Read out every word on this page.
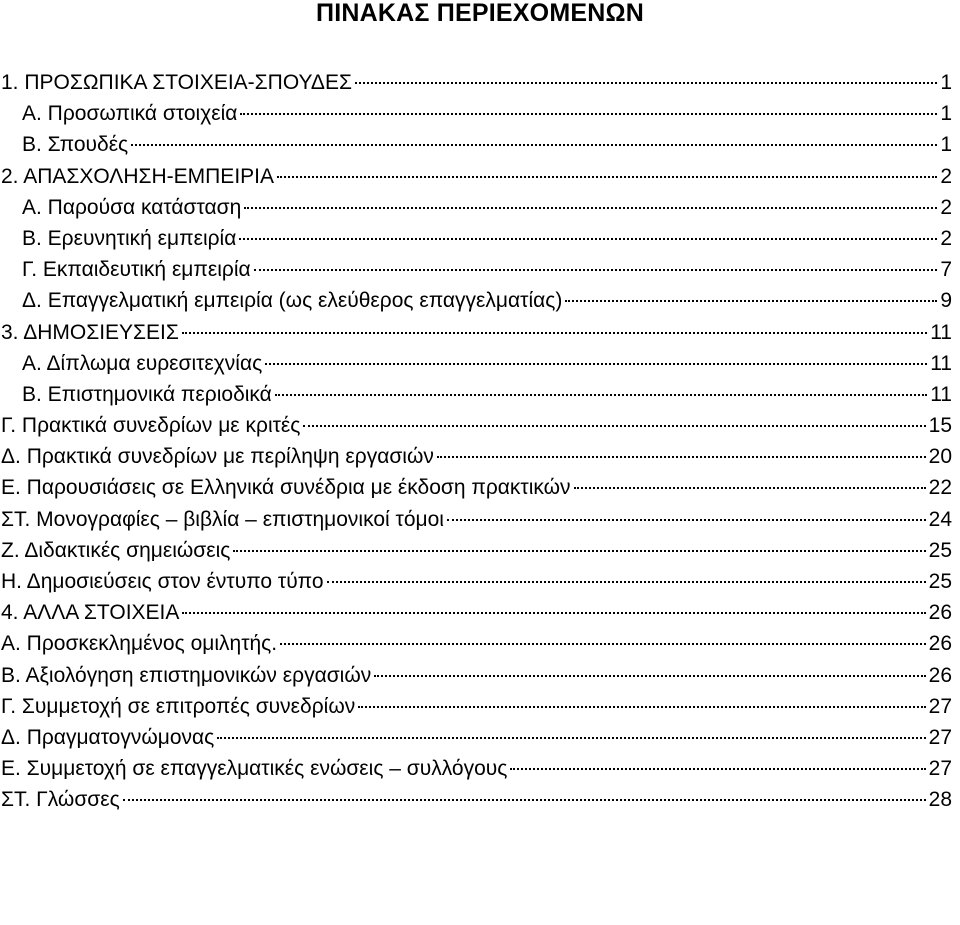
ΠΙΝΑΚΑΣ ΠΕΡΙΕΧΟΜΕΝΩΝ
1. ΠΡΟΣΩΠΙΚΑ ΣΤΟΙΧΕΙΑ-ΣΠΟΥΔΕΣ	1
Α. Προσωπικά στοιχεία	1
Β. Σπουδές	1
2. ΑΠΑΣΧΟΛΗΣΗ-ΕΜΠΕΙΡΙΑ	2
Α. Παρούσα κατάσταση	2
Β. Ερευνητική εμπειρία	2
Γ. Εκπαιδευτική εμπειρία	7
Δ. Επαγγελματική εμπειρία (ως ελεύθερος επαγγελματίας)	9
3. ΔΗΜΟΣΙΕΥΣΕΙΣ	11
Α. Δίπλωμα ευρεσιτεχνίας	11
Β. Επιστημονικά περιοδικά	11
Γ. Πρακτικά συνεδρίων με κριτές	15
Δ. Πρακτικά συνεδρίων με περίληψη εργασιών	20
Ε. Παρουσιάσεις σε Ελληνικά συνέδρια με έκδοση πρακτικών	22
ΣΤ. Μονογραφίες – βιβλία – επιστημονικοί τόμοι	24
Ζ. Διδακτικές σημειώσεις	25
Η. Δημοσιεύσεις στον έντυπο τύπο	25
4. ΑΛΛΑ ΣΤΟΙΧΕΙΑ	26
Α. Προσκεκλημένος ομιλητής.	26
Β. Αξιολόγηση επιστημονικών εργασιών	26
Γ. Συμμετοχή σε επιτροπές συνεδρίων	27
Δ. Πραγματογνώμονας	27
Ε. Συμμετοχή σε επαγγελματικές ενώσεις – συλλόγους	27
ΣΤ. Γλώσσες	28
